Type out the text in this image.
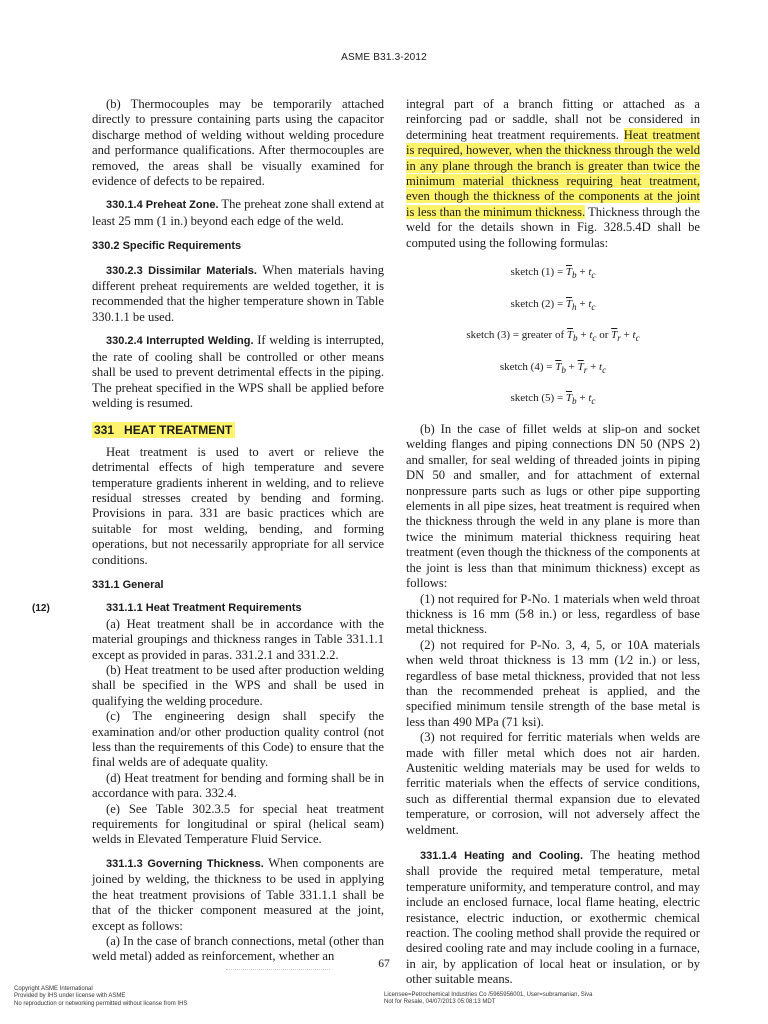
ASME B31.3-2012

(b) Thermocouples may be temporarily attached directly to pressure containing parts using the capacitor discharge method of welding without welding procedure and performance qualifications. After thermocouples are removed, the areas shall be visually examined for evidence of defects to be repaired.

330.1.4 Preheat Zone. The preheat zone shall extend at least 25 mm (1 in.) beyond each edge of the weld.

330.2 Specific Requirements

330.2.3 Dissimilar Materials. When materials having different preheat requirements are welded together, it is recommended that the higher temperature shown in Table 330.1.1 be used.

330.2.4 Interrupted Welding. If welding is interrupted, the rate of cooling shall be controlled or other means shall be used to prevent detrimental effects in the piping. The preheat specified in the WPS shall be applied before welding is resumed.

331 HEAT TREATMENT

Heat treatment is used to avert or relieve the detrimental effects of high temperature and severe temperature gradients inherent in welding, and to relieve residual stresses created by bending and forming. Provisions in para. 331 are basic practices which are suitable for most welding, bending, and forming operations, but not necessarily appropriate for all service conditions.

331.1 General

(12)	331.1.1 Heat Treatment Requirements

(a) Heat treatment shall be in accordance with the material groupings and thickness ranges in Table 331.1.1 except as provided in paras. 331.2.1 and 331.2.2.

(b) Heat treatment to be used after production welding shall be specified in the WPS and shall be used in qualifying the welding procedure.

(c) The engineering design shall specify the examination and/or other production quality control (not less than the requirements of this Code) to ensure that the final welds are of adequate quality.

(d) Heat treatment for bending and forming shall be in accordance with para. 332.4.

(e) See Table 302.3.5 for special heat treatment requirements for longitudinal or spiral (helical seam) welds in Elevated Temperature Fluid Service.

331.1.3 Governing Thickness. When components are joined by welding, the thickness to be used in applying the heat treatment provisions of Table 331.1.1 shall be that of the thicker component measured at the joint, except as follows:

(a) In the case of branch connections, metal (other than weld metal) added as reinforcement, whether an

integral part of a branch fitting or attached as a reinforcing pad or saddle, shall not be considered in determining heat treatment requirements. Heat treatment is required, however, when the thickness through the weld in any plane through the branch is greater than twice the minimum material thickness requiring heat treatment, even though the thickness of the components at the joint is less than the minimum thickness. Thickness through the weld for the details shown in Fig. 328.5.4D shall be computed using the following formulas:

sketch $(1) = \overline{T}_b + t_c$

sketch $(2) = \overline{T}_h + t_c$

sketch (3) = greater of $\overline{T}_b + t_c$ or $\overline{T}_r + t_c$

sketch $(4) = \overline{T}_b + \overline{T}_r + t_c$

sketch $(5) = \overline{T}_b + t_c$

(b) In the case of fillet welds at slip-on and socket welding flanges and piping connections DN 50 (NPS 2) and smaller, for seal welding of threaded joints in piping DN 50 and smaller, and for attachment of external nonpressure parts such as lugs or other pipe supporting elements in all pipe sizes, heat treatment is required when the thickness through the weld in any plane is more than twice the minimum material thickness requiring heat treatment (even though the thickness of the components at the joint is less than that minimum thickness) except as follows:

(1) not required for P-No. 1 materials when weld throat thickness is 16 mm (5⁄8 in.) or less, regardless of base metal thickness.

(2) not required for P-No. 3, 4, 5, or 10A materials when weld throat thickness is 13 mm (1⁄2 in.) or less, regardless of base metal thickness, provided that not less than the recommended preheat is applied, and the specified minimum tensile strength of the base metal is less than 490 MPa (71 ksi).

(3) not required for ferritic materials when welds are made with filler metal which does not air harden. Austenitic welding materials may be used for welds to ferritic materials when the effects of service conditions, such as differential thermal expansion due to elevated temperature, or corrosion, will not adversely affect the weldment.

331.1.4 Heating and Cooling. The heating method shall provide the required metal temperature, metal temperature uniformity, and temperature control, and may include an enclosed furnace, local flame heating, electric resistance, electric induction, or exothermic chemical reaction. The cooling method shall provide the required or desired cooling rate and may include cooling in a furnace, in air, by application of local heat or insulation, or by other suitable means.

67
Copyright ASME International
Provided by IHS under license with ASME
No reproduction or networking permitted without license from IHS
Licensee=Petrochemical Industries Co /5965956001, User=subramanian, Siva
Not for Resale, 04/07/2013 05:08:13 MDT
